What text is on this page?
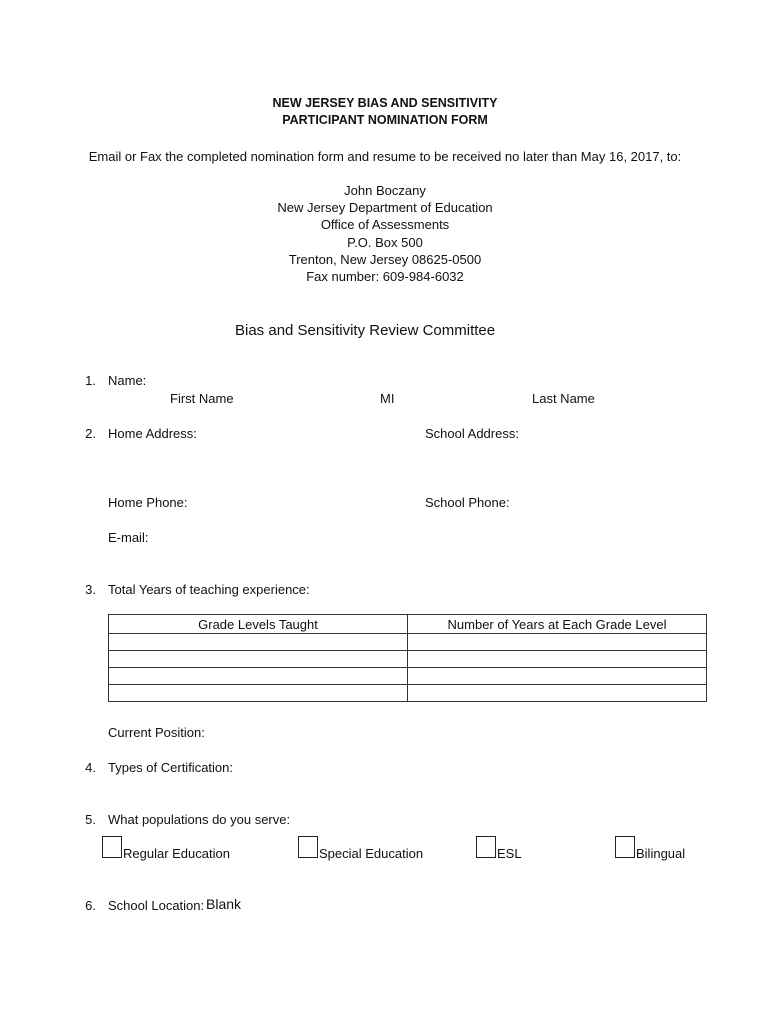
NEW JERSEY BIAS AND SENSITIVITY
PARTICIPANT NOMINATION FORM
Email or Fax the completed nomination form and resume to be received no later than May 16, 2017, to:
John Boczany
New Jersey Department of Education
Office of Assessments
P.O. Box 500
Trenton, New Jersey 08625-0500
Fax number: 609-984-6032
Bias and Sensitivity Review Committee
1. Name:
First Name	MI	Last Name
2. Home Address:	School Address:
Home Phone:	School Phone:
E-mail:
3. Total Years of teaching experience:
Grade Levels Taught	Number of Years at Each Grade Level

Current Position:
4. Types of Certification:
5. What populations do you serve:
Regular Education	Special Education	ESL	Bilingual
6. School Location: Blank
